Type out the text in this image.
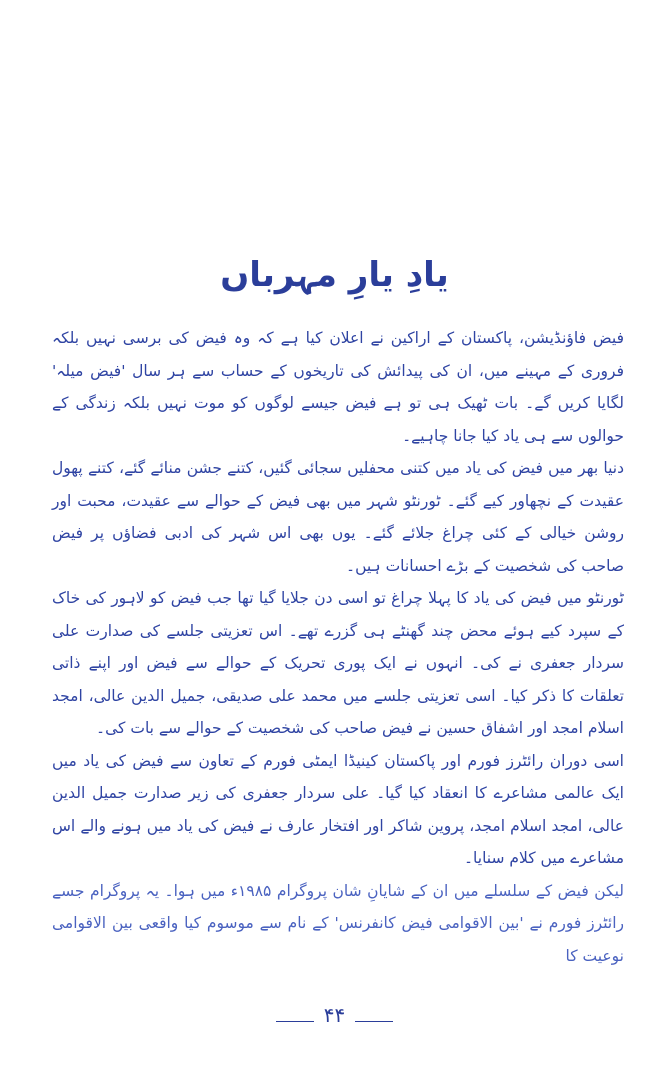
یادِ یارِ مہرباں

فیض فاؤنڈیشن، پاکستان کے اراکین نے اعلان کیا ہے کہ وہ فیض کی برسی نہیں بلکہ فروری کے مہینے میں، ان کی پیدائش کی تاریخوں کے حساب سے ہر سال 'فیض میلہ' لگایا کریں گے۔ بات ٹھیک ہی تو ہے فیض جیسے لوگوں کو موت نہیں بلکہ زندگی کے حوالوں سے ہی یاد کیا جانا چاہیے۔

دنیا بھر میں فیض کی یاد میں کتنی محفلیں سجائی گئیں، کتنے جشن منائے گئے، کتنے پھول عقیدت کے نچھاور کیے گئے۔ ٹورنٹو شہر میں بھی فیض کے حوالے سے عقیدت، محبت اور روشن خیالی کے کئی چراغ جلائے گئے۔ یوں بھی اس شہر کی ادبی فضاؤں پر فیض صاحب کی شخصیت کے بڑے احسانات ہیں۔

ٹورنٹو میں فیض کی یاد کا پہلا چراغ تو اسی دن جلایا گیا تھا جب فیض کو لاہور کی خاک کے سپرد کیے ہوئے محض چند گھنٹے ہی گزرے تھے۔ اس تعزیتی جلسے کی صدارت علی سردار جعفری نے کی۔ انہوں نے ایک پوری تحریک کے حوالے سے فیض اور اپنے ذاتی تعلقات کا ذکر کیا۔ اسی تعزیتی جلسے میں محمد علی صدیقی، جمیل الدین عالی، امجد اسلام امجد اور اشفاق حسین نے فیض صاحب کی شخصیت کے حوالے سے بات کی۔

اسی دوران رائٹرز فورم اور پاکستان کینیڈا ایمٹی فورم کے تعاون سے فیض کی یاد میں ایک عالمی مشاعرے کا انعقاد کیا گیا۔ علی سردار جعفری کی زیر صدارت جمیل الدین عالی، امجد اسلام امجد، پروین شاکر اور افتخار عارف نے فیض کی یاد میں ہونے والے اس مشاعرے میں کلام سنایا۔

لیکن فیض کے سلسلے میں ان کے شایانِ شان پروگرام ۱۹۸۵ء میں ہوا۔ یہ پروگرام جسے رائٹرز فورم نے 'بین الاقوامی فیض کانفرنس' کے نام سے موسوم کیا واقعی بین الاقوامی نوعیت کا

۴۴
